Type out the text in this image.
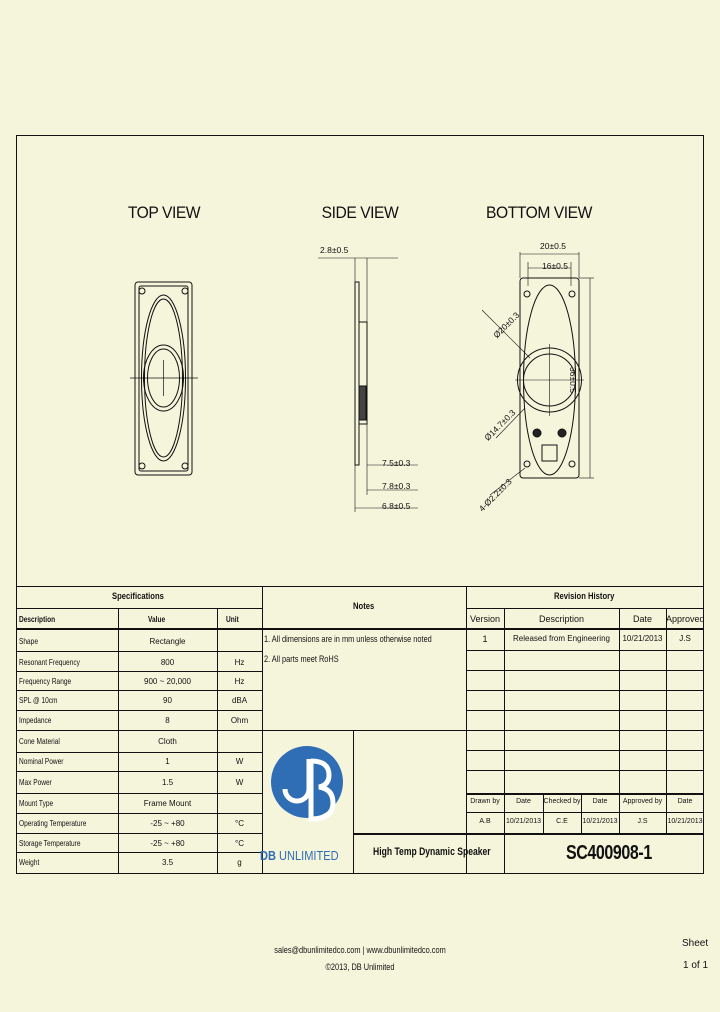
TOP VIEW	SIDE VIEW	BOTTOM VIEW
2.8±0.5
7.5±0.3
7.8±0.3
6.8±0.5
20±0.5
16±0.5
36±0.5
Ø20±0.3
Ø14.7±0.3
4-Ø2.2±0.3
Specifications
Description	Value	Unit
Shape	Rectangle
Resonant Frequency	800	Hz
Frequency Range	900 ~ 20,000	Hz
SPL @ 10cm	90	dBA
Impedance	8	Ohm
Cone Material	Cloth
Nominal Power	1	W
Max Power	1.5	W
Mount Type	Frame Mount
Operating Temperature	-25 ~ +80	°C
Storage Temperature	-25 ~ +80	°C
Weight	3.5	g
Notes
1. All dimensions are in mm unless otherwise noted
2. All parts meet RoHS
Revision History
Version	Description	Date	Approved
1	Released from Engineering	10/21/2013	J.S
Drawn by	Date	Checked by	Date	Approved by	Date
A.B	10/21/2013	C.E	10/21/2013	J.S	10/21/2013
DB UNLIMITED	High Temp Dynamic Speaker	SC400908-1
sales@dbunlimitedco.com | www.dbunlimitedco.com
©2013, DB Unlimited
Sheet
1 of 1
